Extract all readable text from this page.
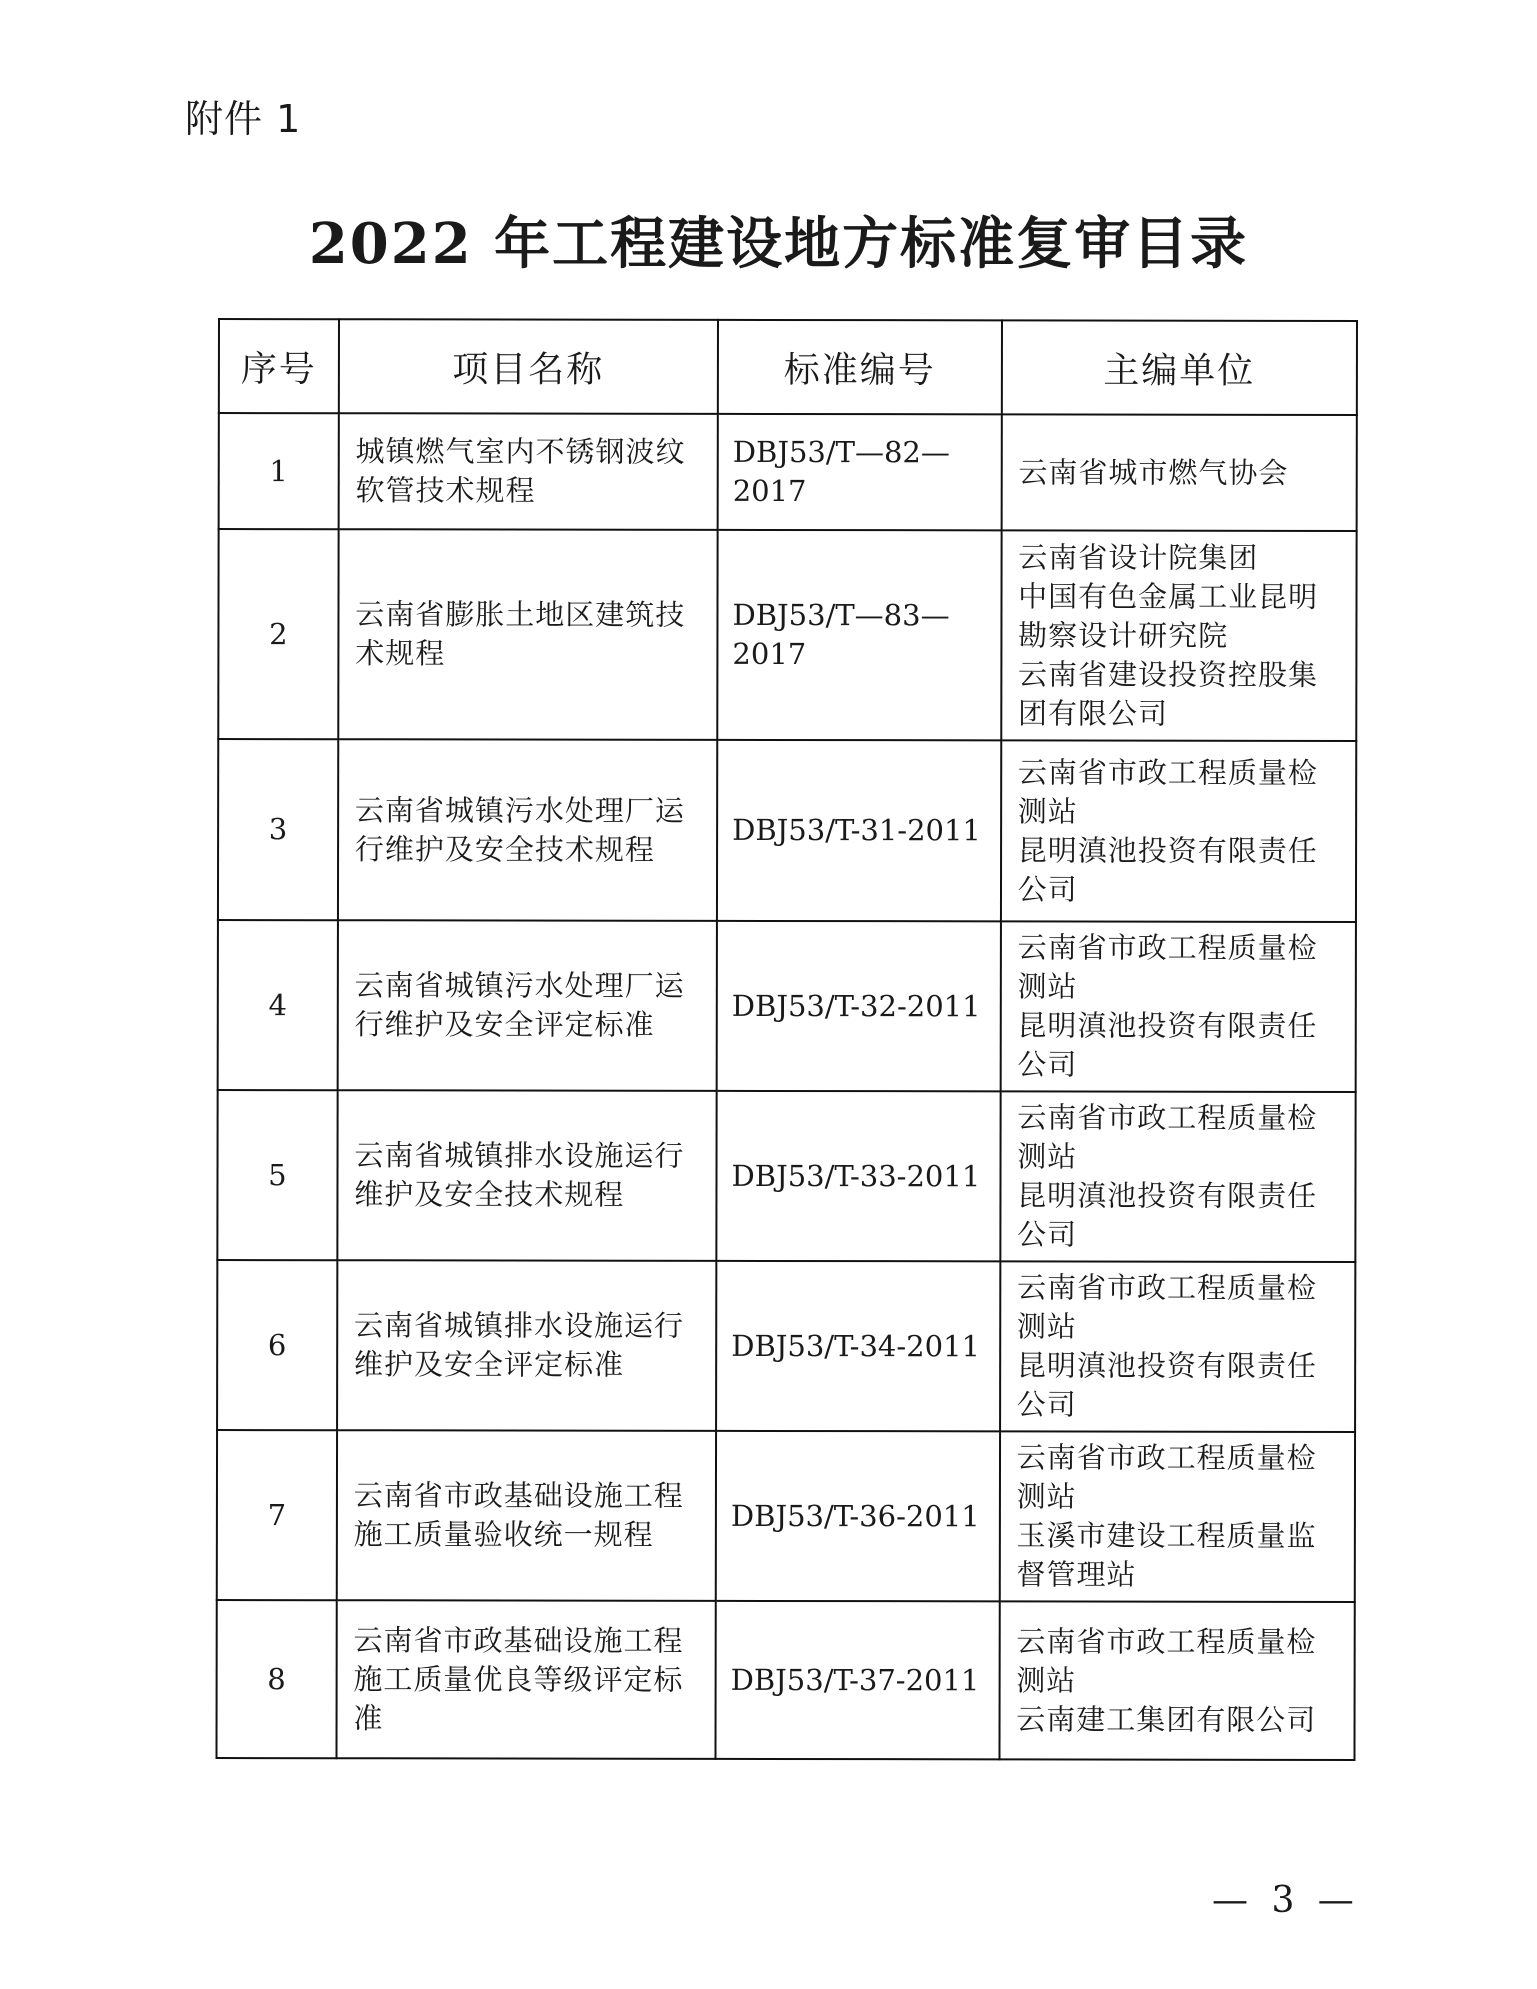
附件 1
2022 年工程建设地方标准复审目录
序号	项目名称	标准编号	主编单位
1	城镇燃气室内不锈钢波纹软管技术规程	DBJ53/T—82—2017	云南省城市燃气协会

2	云南省膨胀土地区建筑技术规程	DBJ53/T—83—2017	云南省设计院集团
中国有色金属工业昆明勘察设计研究院
云南省建设投资控股集团有限公司

3	云南省城镇污水处理厂运行维护及安全技术规程	DBJ53/T-31-2011	云南省市政工程质量检测站
昆明滇池投资有限责任公司

4	云南省城镇污水处理厂运行维护及安全评定标准	DBJ53/T-32-2011	云南省市政工程质量检测站
昆明滇池投资有限责任公司

5	云南省城镇排水设施运行维护及安全技术规程	DBJ53/T-33-2011	云南省市政工程质量检测站
昆明滇池投资有限责任公司

6	云南省城镇排水设施运行维护及安全评定标准	DBJ53/T-34-2011	云南省市政工程质量检测站
昆明滇池投资有限责任公司

7	云南省市政基础设施工程施工质量验收统一规程	DBJ53/T-36-2011	云南省市政工程质量检测站
玉溪市建设工程质量监督管理站

8	云南省市政基础设施工程施工质量优良等级评定标准	DBJ53/T-37-2011	云南省市政工程质量检测站
云南建工集团有限公司
— 3 —
